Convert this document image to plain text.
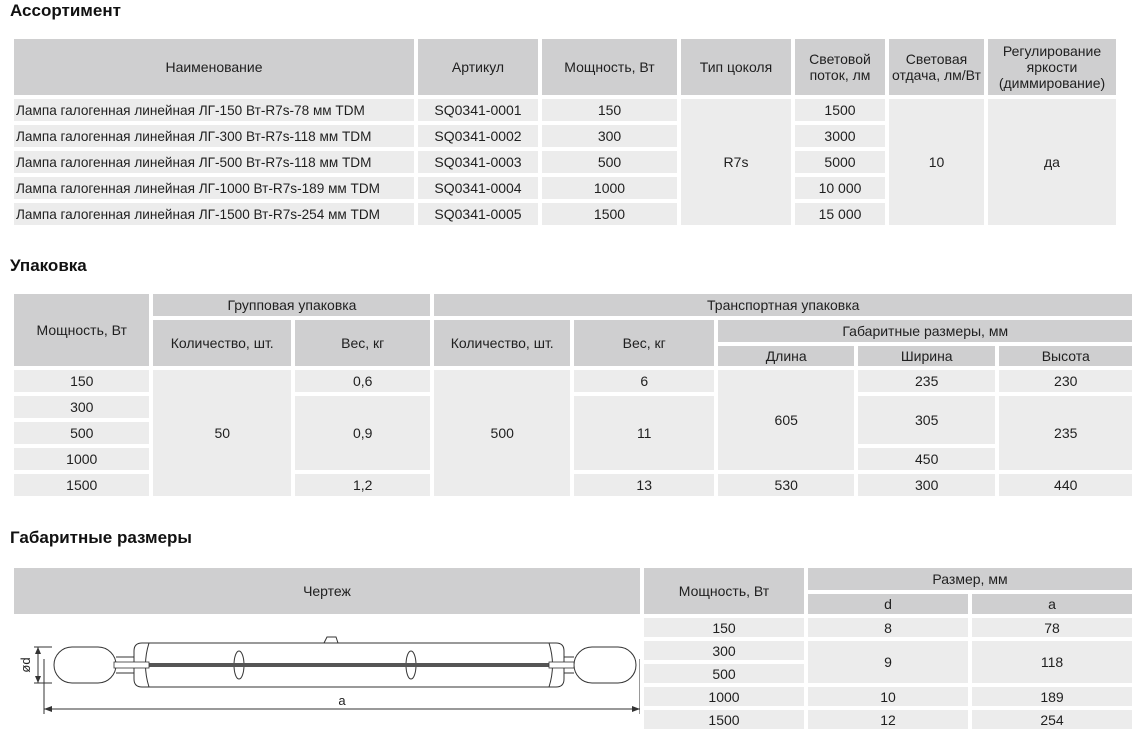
Ассортимент
Наименование	Артикул	Мощность, Вт	Тип цоколя	Световой поток, лм	Световая отдача, лм/Вт	Регулирование яркости (диммирование)
Лампа галогенная линейная ЛГ-150 Вт-R7s-78 мм TDM	SQ0341-0001	150	R7s	1500	10	да
Лампа галогенная линейная ЛГ-300 Вт-R7s-118 мм TDM	SQ0341-0002	300		3000		
Лампа галогенная линейная ЛГ-500 Вт-R7s-118 мм TDM	SQ0341-0003	500		5000		
Лампа галогенная линейная ЛГ-1000 Вт-R7s-189 мм TDM	SQ0341-0004	1000		10 000		
Лампа галогенная линейная ЛГ-1500 Вт-R7s-254 мм TDM	SQ0341-0005	1500		15 000		
Упаковка
Мощность, Вт	Групповая упаковка		Транспортная упаковка				
	Количество, шт.	Вес, кг	Количество, шт.	Вес, кг	Габаритные размеры, мм		
					Длина	Ширина	Высота
150	50	0,6	500	6	605	235	230
300		0,9		11		305	235
500							
1000						450	
1500		1,2		13	530	300	440
Габаритные размеры
Чертеж	Мощность, Вт	Размер, мм	
		d	a

a
ød	150	8	78
	300	9	118
	500		
	1000	10	189
	1500	12	254
